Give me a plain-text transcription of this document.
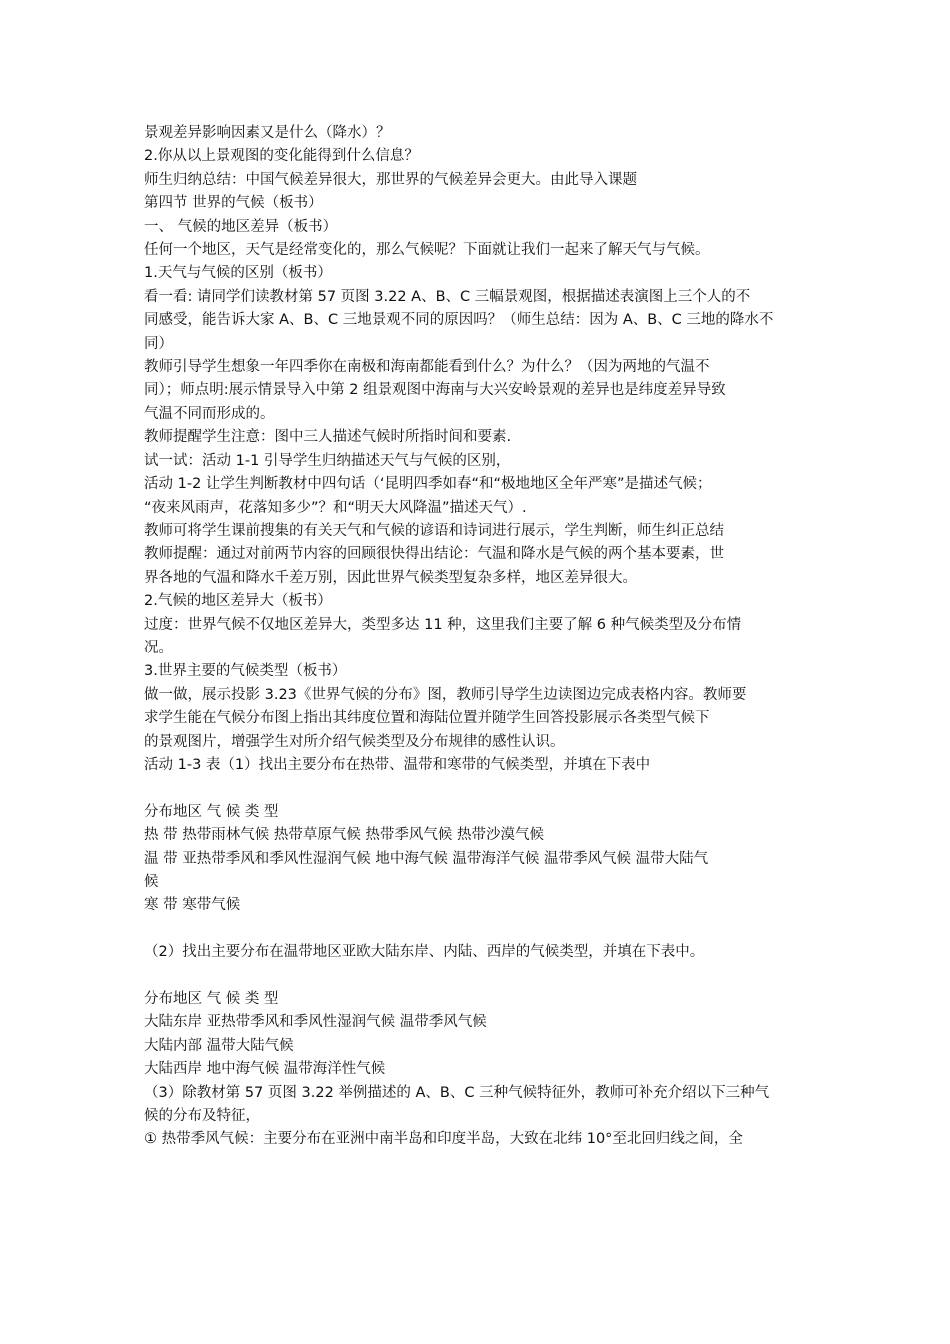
景观差异影响因素又是什么（降水）？
2.你从以上景观图的变化能得到什么信息？
师生归纳总结：中国气候差异很大，那世界的气候差异会更大。由此导入课题
第四节 世界的气候（板书）
一、 气候的地区差异（板书）
任何一个地区，天气是经常变化的，那么气候呢？下面就让我们一起来了解天气与气候。
1.天气与气候的区别（板书）
看一看: 请同学们读教材第 57 页图 3.22 A、B、C 三幅景观图，根据描述表演图上三个人的不
同感受，能告诉大家 A、B、C 三地景观不同的原因吗？（师生总结：因为 A、B、C 三地的降水不
同）
教师引导学生想象一年四季你在南极和海南都能看到什么？为什么？（因为两地的气温不
同）；师点明:展示情景导入中第 2 组景观图中海南与大兴安岭景观的差异也是纬度差异导致
气温不同而形成的。
教师提醒学生注意：图中三人描述气候时所指时间和要素.
试一试：活动 1-1 引导学生归纳描述天气与气候的区别，
活动 1-2 让学生判断教材中四句话（‘昆明四季如春“和“极地地区全年严寒”是描述气候；
“夜来风雨声，花落知多少”？和“明天大风降温”描述天气）.
教师可将学生课前搜集的有关天气和气候的谚语和诗词进行展示，学生判断，师生纠正总结
教师提醒：通过对前两节内容的回顾很快得出结论：气温和降水是气候的两个基本要素，世
界各地的气温和降水千差万别，因此世界气候类型复杂多样，地区差异很大。
2.气候的地区差异大（板书）
过度：世界气候不仅地区差异大，类型多达 11 种，这里我们主要了解 6 种气候类型及分布情
况。
3.世界主要的气候类型（板书）
做一做，展示投影 3.23《世界气候的分布》图，教师引导学生边读图边完成表格内容。教师要
求学生能在气候分布图上指出其纬度位置和海陆位置并随学生回答投影展示各类型气候下
的景观图片，增强学生对所介绍气候类型及分布规律的感性认识。
活动 1-3 表（1）找出主要分布在热带、温带和寒带的气候类型，并填在下表中
分布地区 气 候 类 型
热 带 热带雨林气候 热带草原气候 热带季风气候 热带沙漠气候
温 带 亚热带季风和季风性湿润气候 地中海气候 温带海洋气候 温带季风气候 温带大陆气
候
寒 带 寒带气候
（2）找出主要分布在温带地区亚欧大陆东岸、内陆、西岸的气候类型，并填在下表中。
分布地区 气 候 类 型
大陆东岸 亚热带季风和季风性湿润气候 温带季风气候
大陆内部 温带大陆气候
大陆西岸 地中海气候 温带海洋性气候
（3）除教材第 57 页图 3.22 举例描述的 A、B、C 三种气候特征外，教师可补充介绍以下三种气
候的分布及特征，
① 热带季风气候：主要分布在亚洲中南半岛和印度半岛，大致在北纬 10°至北回归线之间，全
